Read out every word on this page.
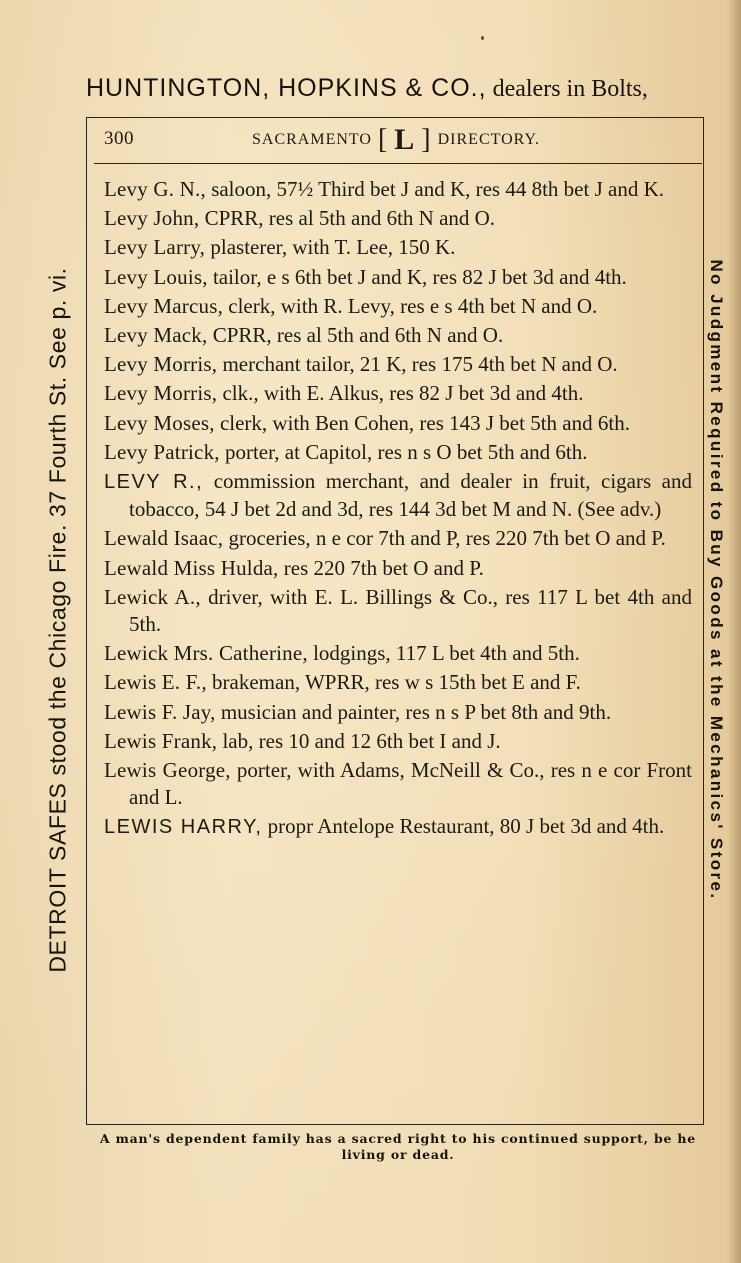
HUNTINGTON, HOPKINS & CO., dealers in Bolts,
DETROIT SAFES stood the Chicago Fire. 37 Fourth St. See p. vi.	No Judgment Required to Buy Goods at the Mechanics' Store.
300	SACRAMENTO [ L ] DIRECTORY.
Levy G. N., saloon, 57½ Third bet J and K, res 44 8th bet J and K.
Levy John, CPRR, res al 5th and 6th N and O.
Levy Larry, plasterer, with T. Lee, 150 K.
Levy Louis, tailor, e s 6th bet J and K, res 82 J bet 3d and 4th.
Levy Marcus, clerk, with R. Levy, res e s 4th bet N and O.
Levy Mack, CPRR, res al 5th and 6th N and O.
Levy Morris, merchant tailor, 21 K, res 175 4th bet N and O.
Levy Morris, clk., with E. Alkus, res 82 J bet 3d and 4th.
Levy Moses, clerk, with Ben Cohen, res 143 J bet 5th and 6th.
Levy Patrick, porter, at Capitol, res n s O bet 5th and 6th.
LEVY R., commission merchant, and dealer in fruit, cigars and tobacco, 54 J bet 2d and 3d, res 144 3d bet M and N. (See adv.)
Lewald Isaac, groceries, n e cor 7th and P, res 220 7th bet O and P.
Lewald Miss Hulda, res 220 7th bet O and P.
Lewick A., driver, with E. L. Billings & Co., res 117 L bet 4th and 5th.
Lewick Mrs. Catherine, lodgings, 117 L bet 4th and 5th.
Lewis E. F., brakeman, WPRR, res w s 15th bet E and F.
Lewis F. Jay, musician and painter, res n s P bet 8th and 9th.
Lewis Frank, lab, res 10 and 12 6th bet I and J.
Lewis George, porter, with Adams, McNeill & Co., res n e cor Front and L.
LEWIS HARRY, propr Antelope Restaurant, 80 J bet 3d and 4th.
A man's dependent family has a sacred right to his continued support, be he
living or dead.
